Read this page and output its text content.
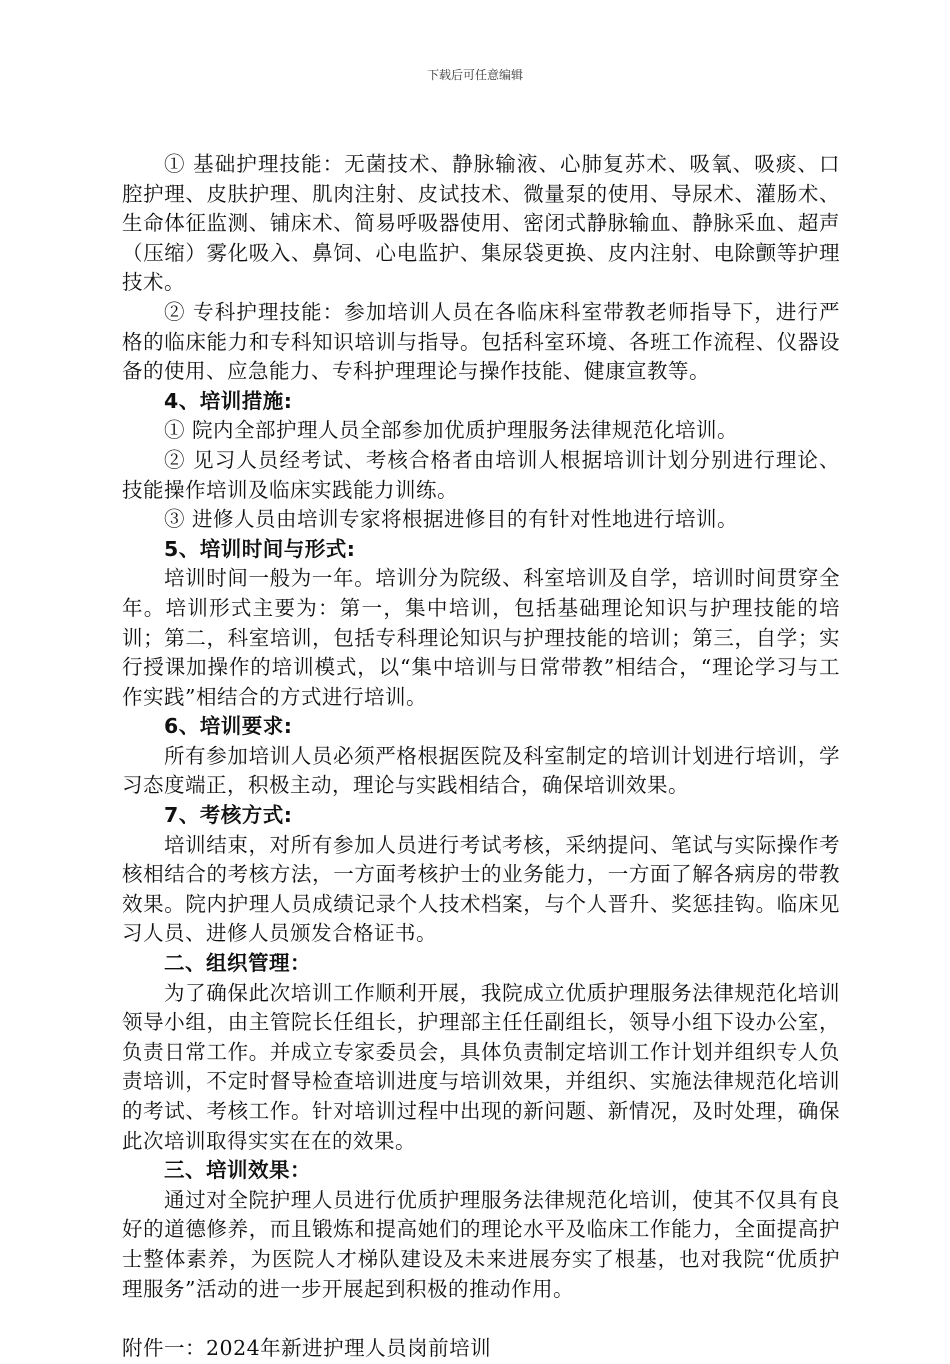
下载后可任意编辑

① 基础护理技能：无菌技术、静脉输液、心肺复苏术、吸氧、吸痰、口腔护理、皮肤护理、肌肉注射、皮试技术、微量泵的使用、导尿术、灌肠术、生命体征监测、铺床术、简易呼吸器使用、密闭式静脉输血、静脉采血、超声（压缩）雾化吸入、鼻饲、心电监护、集尿袋更换、皮内注射、电除颤等护理技术。

② 专科护理技能：参加培训人员在各临床科室带教老师指导下，进行严格的临床能力和专科知识培训与指导。包括科室环境、各班工作流程、仪器设备的使用、应急能力、专科护理理论与操作技能、健康宣教等。

4、培训措施:

① 院内全部护理人员全部参加优质护理服务法律规范化培训。

② 见习人员经考试、考核合格者由培训人根据培训计划分别进行理论、技能操作培训及临床实践能力训练。

③ 进修人员由培训专家将根据进修目的有针对性地进行培训。

5、培训时间与形式:

培训时间一般为一年。培训分为院级、科室培训及自学，培训时间贯穿全年。培训形式主要为：第一，集中培训，包括基础理论知识与护理技能的培训；第二，科室培训，包括专科理论知识与护理技能的培训；第三，自学；实行授课加操作的培训模式，以“集中培训与日常带教”相结合，“理论学习与工作实践”相结合的方式进行培训。

6、培训要求:

所有参加培训人员必须严格根据医院及科室制定的培训计划进行培训，学习态度端正，积极主动，理论与实践相结合，确保培训效果。

7、考核方式:

培训结束，对所有参加人员进行考试考核，采纳提问、笔试与实际操作考核相结合的考核方法，一方面考核护士的业务能力，一方面了解各病房的带教效果。院内护理人员成绩记录个人技术档案，与个人晋升、奖惩挂钩。临床见习人员、进修人员颁发合格证书。

二、组织管理：

为了确保此次培训工作顺利开展，我院成立优质护理服务法律规范化培训领导小组，由主管院长任组长，护理部主任任副组长，领导小组下设办公室，负责日常工作。并成立专家委员会，具体负责制定培训工作计划并组织专人负责培训，不定时督导检查培训进度与培训效果，并组织、实施法律规范化培训的考试、考核工作。针对培训过程中出现的新问题、新情况，及时处理，确保此次培训取得实实在在的效果。

三、培训效果：

通过对全院护理人员进行优质护理服务法律规范化培训，使其不仅具有良好的道德修养，而且锻炼和提高她们的理论水平及临床工作能力，全面提高护士整体素养，为医院人才梯队建设及未来进展夯实了根基，也对我院“优质护理服务”活动的进一步开展起到积极的推动作用。

附件一：2024年新进护理人员岗前培训
